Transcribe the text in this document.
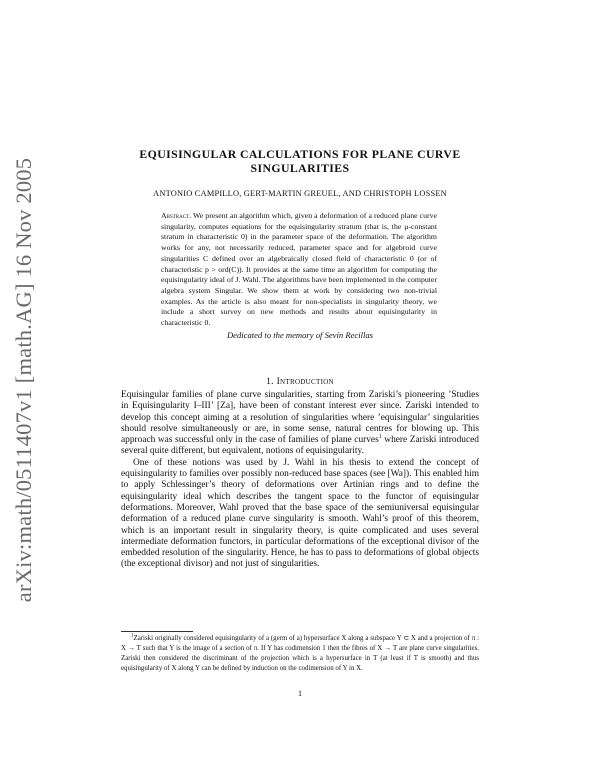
arXiv:math/0511407v1 [math.AG] 16 Nov 2005
EQUISINGULAR CALCULATIONS FOR PLANE CURVE
SINGULARITIES
ANTONIO CAMPILLO, GERT-MARTIN GREUEL, AND CHRISTOPH LOSSEN
Abstract. We present an algorithm which, given a deformation of a reduced plane curve singularity, computes equations for the equisingularity stratum (that is, the μ-constant stratum in characteristic 0) in the parameter space of the deformation. The algorithm works for any, not necessarily reduced, parameter space and for algebroid curve singularities C defined over an algebraically closed field of characteristic 0 (or of characteristic p > ord(C)). It provides at the same time an algorithm for computing the equisingularity ideal of J. Wahl. The algorithms have been implemented in the computer algebra system Singular. We show them at work by considering two non-trivial examples. As the article is also meant for non-specialists in singularity theory, we include a short survey on new methods and results about equisingularity in characteristic 0.
Dedicated to the memory of Sevín Recillas
1. Introduction

Equisingular families of plane curve singularities, starting from Zariski’s pioneering ’Studies in Equisingularity I–III’ [Za], have been of constant interest ever since. Zariski intended to develop this concept aiming at a resolution of singularities where ’equisingular’ singularities should resolve simultaneously or are, in some sense, natural centres for blowing up. This approach was successful only in the case of families of plane curves$^1$ where Zariski introduced several quite different, but equivalent, notions of equisingularity.

One of these notions was used by J. Wahl in his thesis to extend the concept of equisingularity to families over possibly non-reduced base spaces (see [Wa]). This enabled him to apply Schlessinger’s theory of deformations over Artinian rings and to define the equisingularity ideal which describes the tangent space to the functor of equisingular deformations. Moreover, Wahl proved that the base space of the semiuniversal equisingular deformation of a reduced plane curve singularity is smooth. Wahl’s proof of this theorem, which is an important result in singularity theory, is quite complicated and uses several intermediate deformation functors, in particular deformations of the exceptional divisor of the embedded resolution of the singularity. Hence, he has to pass to deformations of global objects (the exceptional divisor) and not just of singularities.

$^1$Zariski originally considered equisingularity of a (germ of a) hypersurface X along a subspace Y ⊂ X and a projection of π : X → T such that Y is the image of a section of π. If Y has codimension 1 then the fibres of X → T are plane curve singularities. Zariski then considered the discriminant of the projection which is a hypersurface in T (at least if T is smooth) and thus equisingularity of X along Y can be defined by induction on the codimension of Y in X.

1
